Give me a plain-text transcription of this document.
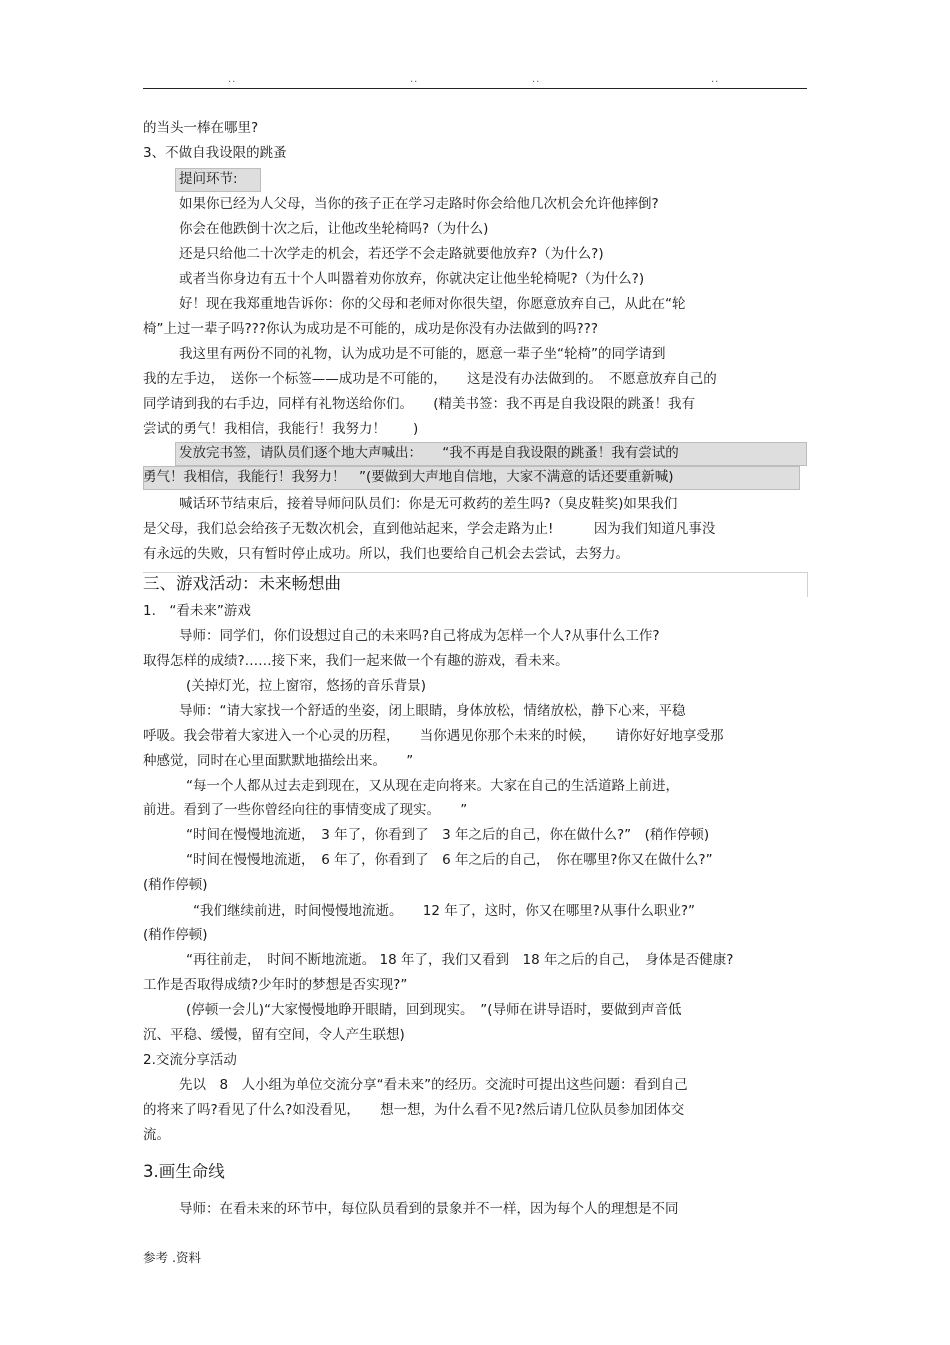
..	..	..	..
的当头一棒在哪里?
3、不做自我设限的跳蚤
提问环节:
如果你已经为人父母，当你的孩子正在学习走路时你会给他几次机会允许他摔倒?
你会在他跌倒十次之后，让他改坐轮椅吗?（为什么)
还是只给他二十次学走的机会，若还学不会走路就要他放弃?（为什么?)
或者当你身边有五十个人叫嚣着劝你放弃，你就决定让他坐轮椅呢?（为什么?)
好！现在我郑重地告诉你：你的父母和老师对你很失望，你愿意放弃自己，从此在“轮
椅”上过一辈子吗???你认为成功是不可能的，成功是你没有办法做到的吗???
我这里有两份不同的礼物，认为成功是不可能的，愿意一辈子坐“轮椅”的同学请到
我的左手边，　送你一个标签——成功是不可能的，　　这是没有办法做到的。　不愿意放弃自己的
同学请到我的右手边，同样有礼物送给你们。　　(精美书签：我不再是自我设限的跳蚤！我有
尝试的勇气！我相信，我能行！我努力！　　)
发放完书签，请队员们逐个地大声喊出：　　“我不再是自我设限的跳蚤！我有尝试的
勇气！我相信，我能行！我努力！　”(要做到大声地自信地，大家不满意的话还要重新喊)
喊话环节结束后，接着导师问队员们：你是无可救药的差生吗?（臭皮鞋奖)如果我们
是父母，我们总会给孩子无数次机会，直到他站起来，学会走路为止!　　　因为我们知道凡事没
有永远的失败，只有暂时停止成功。所以，我们也要给自己机会去尝试，去努力。
三、游戏活动：未来畅想曲
1.　“看未来”游戏
导师：同学们，你们设想过自己的未来吗?自己将成为怎样一个人?从事什么工作?
取得怎样的成绩?……接下来，我们一起来做一个有趣的游戏，看未来。
(关掉灯光，拉上窗帘，悠扬的音乐背景)
导师：“请大家找一个舒适的坐姿，闭上眼睛，身体放松，情绪放松，静下心来，平稳
呼吸。我会带着大家进入一个心灵的历程，　　当你遇见你那个未来的时候，　　请你好好地享受那
种感觉，同时在心里面默默地描绘出来。　　”
“每一个人都从过去走到现在，又从现在走向将来。大家在自己的生活道路上前进，
前进。看到了一些你曾经向往的事情变成了现实。　　”
“时间在慢慢地流逝，　3 年了，你看到了　3 年之后的自己，你在做什么?”　(稍作停顿)
“时间在慢慢地流逝，　6 年了，你看到了　6 年之后的自己，　你在哪里?你又在做什么?”
(稍作停顿)
“我们继续前进，时间慢慢地流逝。　　12 年了，这时，你又在哪里?从事什么职业?”
(稍作停顿)
“再往前走，　时间不断地流逝。 18 年了，我们又看到　18 年之后的自己，　身体是否健康?
工作是否取得成绩?少年时的梦想是否实现?”
(停顿一会儿)“大家慢慢地睁开眼睛，回到现实。　”(导师在讲导语时，要做到声音低
沉、平稳、缓慢，留有空间，令人产生联想)
2.交流分享活动
先以　8　人小组为单位交流分享“看未来”的经历。交流时可提出这些问题：看到自己
的将来了吗?看见了什么?如没看见，　　想一想，为什么看不见?然后请几位队员参加团体交
流。
3.画生命线
导师：在看未来的环节中，每位队员看到的景象并不一样，因为每个人的理想是不同
参考 .资料
